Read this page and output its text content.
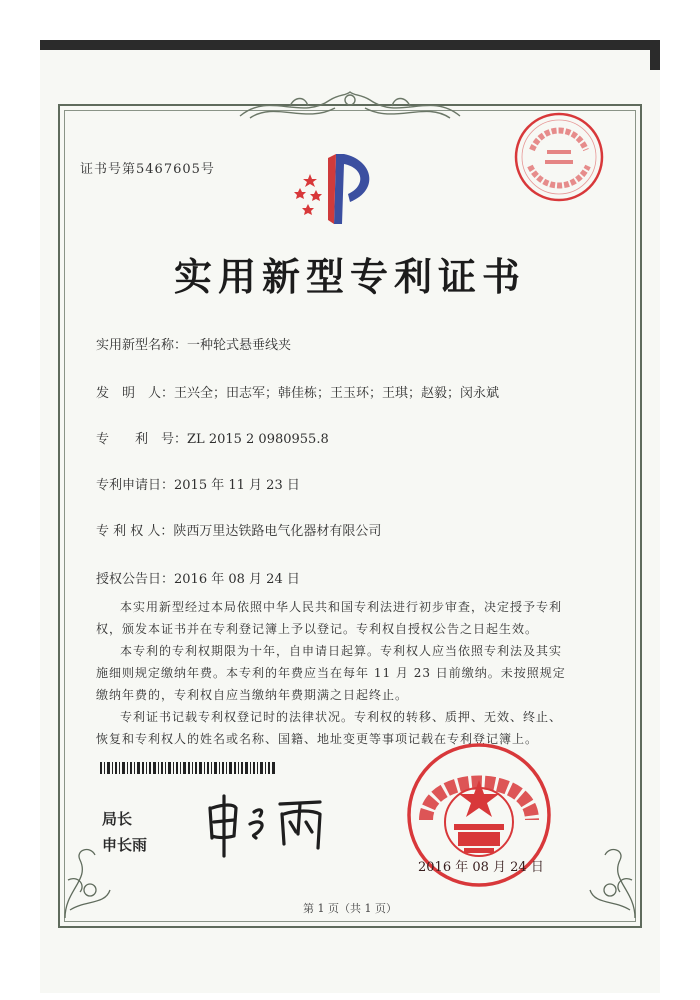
证书号第5467605号
实用新型专利证书
实用新型名称：一种轮式悬垂线夹
发　明　人：王兴全；田志军；韩佳栋；王玉环；王琪；赵毅；闵永斌
专　　利　号：ZL 2015 2 0980955.8
专利申请日：2015 年 11 月 23 日
专 利 权 人：陕西万里达铁路电气化器材有限公司
授权公告日：2016 年 08 月 24 日
本实用新型经过本局依照中华人民共和国专利法进行初步审查，决定授予专利权，颁发本证书并在专利登记簿上予以登记。专利权自授权公告之日起生效。
本专利的专利权期限为十年，自申请日起算。专利权人应当依照专利法及其实施细则规定缴纳年费。本专利的年费应当在每年 11 月 23 日前缴纳。未按照规定缴纳年费的，专利权自应当缴纳年费期满之日起终止。
专利证书记载专利权登记时的法律状况。专利权的转移、质押、无效、终止、恢复和专利权人的姓名或名称、国籍、地址变更等事项记载在专利登记簿上。
局长
申长雨
2016 年 08 月 24 日
第 1 页（共 1 页）
